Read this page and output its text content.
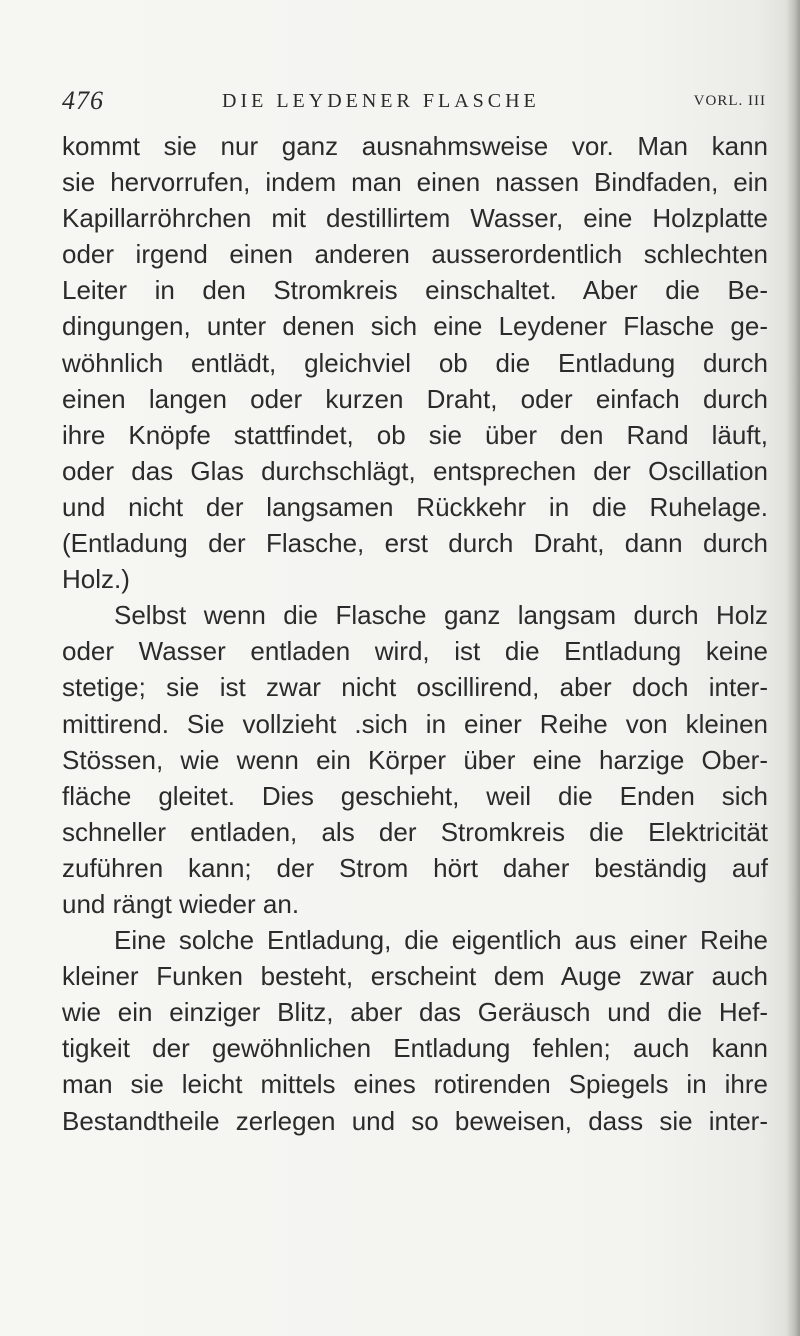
476	DIE LEYDENER FLASCHE	VORL. III
kommt sie nur ganz ausnahmsweise vor. Man kann
sie hervorrufen, indem man einen nassen Bindfaden, ein
Kapillarröhrchen mit destillirtem Wasser, eine Holzplatte
oder irgend einen anderen ausserordentlich schlechten
Leiter in den Stromkreis einschaltet. Aber die Be-
dingungen, unter denen sich eine Leydener Flasche ge-
wöhnlich entlädt, gleichviel ob die Entladung durch
einen langen oder kurzen Draht, oder einfach durch
ihre Knöpfe stattfindet, ob sie über den Rand läuft,
oder das Glas durchschlägt, entsprechen der Oscillation
und nicht der langsamen Rückkehr in die Ruhelage.
(Entladung der Flasche, erst durch Draht, dann durch
Holz.)
Selbst wenn die Flasche ganz langsam durch Holz
oder Wasser entladen wird, ist die Entladung keine
stetige; sie ist zwar nicht oscillirend, aber doch inter-
mittirend. Sie vollzieht .sich in einer Reihe von kleinen
Stössen, wie wenn ein Körper über eine harzige Ober-
fläche gleitet. Dies geschieht, weil die Enden sich
schneller entladen, als der Stromkreis die Elektricität
zuführen kann; der Strom hört daher beständig auf
und rängt wieder an.
Eine solche Entladung, die eigentlich aus einer Reihe
kleiner Funken besteht, erscheint dem Auge zwar auch
wie ein einziger Blitz, aber das Geräusch und die Hef-
tigkeit der gewöhnlichen Entladung fehlen; auch kann
man sie leicht mittels eines rotirenden Spiegels in ihre
Bestandtheile zerlegen und so beweisen, dass sie inter-
